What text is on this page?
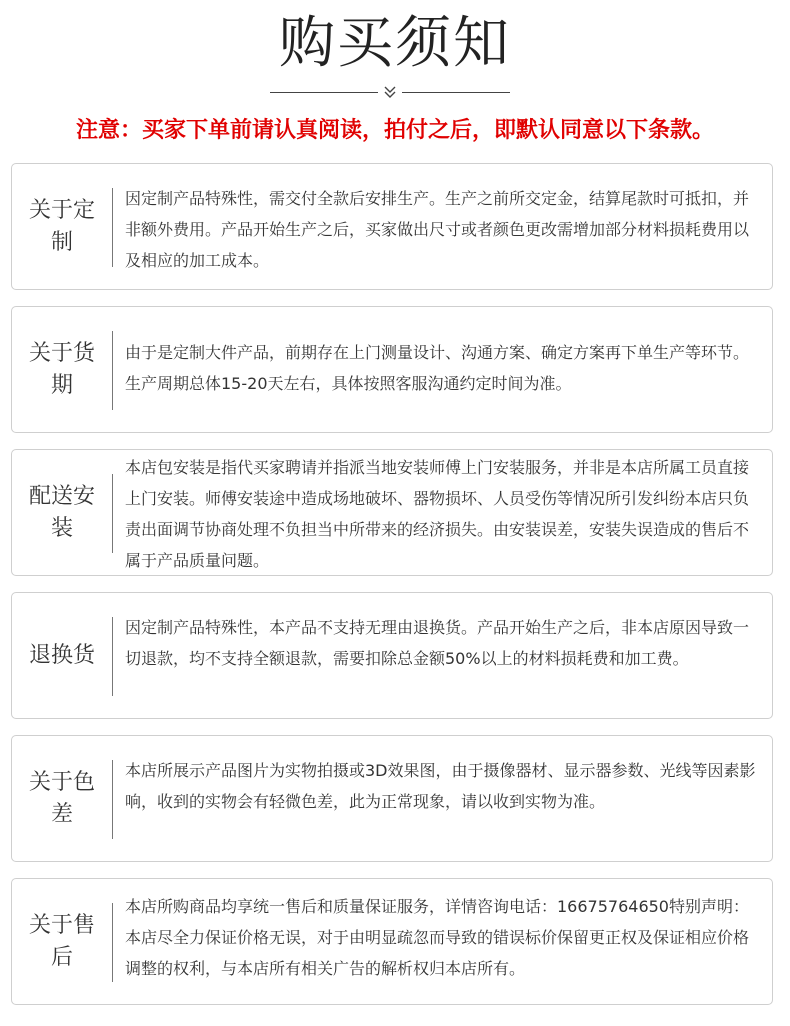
购买须知
注意：买家下单前请认真阅读，拍付之后，即默认同意以下条款。
关于定制
因定制产品特殊性，需交付全款后安排生产。生产之前所交定金，结算尾款时可抵扣，并非额外费用。产品开始生产之后，买家做出尺寸或者颜色更改需增加部分材料损耗费用以及相应的加工成本。
关于货期
由于是定制大件产品，前期存在上门测量设计、沟通方案、确定方案再下单生产等环节。生产周期总体15-20天左右，具体按照客服沟通约定时间为准。
配送安装
本店包安装是指代买家聘请并指派当地安装师傅上门安装服务，并非是本店所属工员直接上门安装。师傅安装途中造成场地破坏、器物损坏、人员受伤等情况所引发纠纷本店只负责出面调节协商处理不负担当中所带来的经济损失。由安装误差，安装失误造成的售后不属于产品质量问题。
退换货
因定制产品特殊性，本产品不支持无理由退换货。产品开始生产之后，非本店原因导致一切退款，均不支持全额退款，需要扣除总金额50%以上的材料损耗费和加工费。
关于色差
本店所展示产品图片为实物拍摄或3D效果图，由于摄像器材、显示器参数、光线等因素影响，收到的实物会有轻微色差，此为正常现象，请以收到实物为准。
关于售后
本店所购商品均享统一售后和质量保证服务，详情咨询电话：16675764650特别声明：本店尽全力保证价格无误，对于由明显疏忽而导致的错误标价保留更正权及保证相应价格调整的权利，与本店所有相关广告的解析权归本店所有。
